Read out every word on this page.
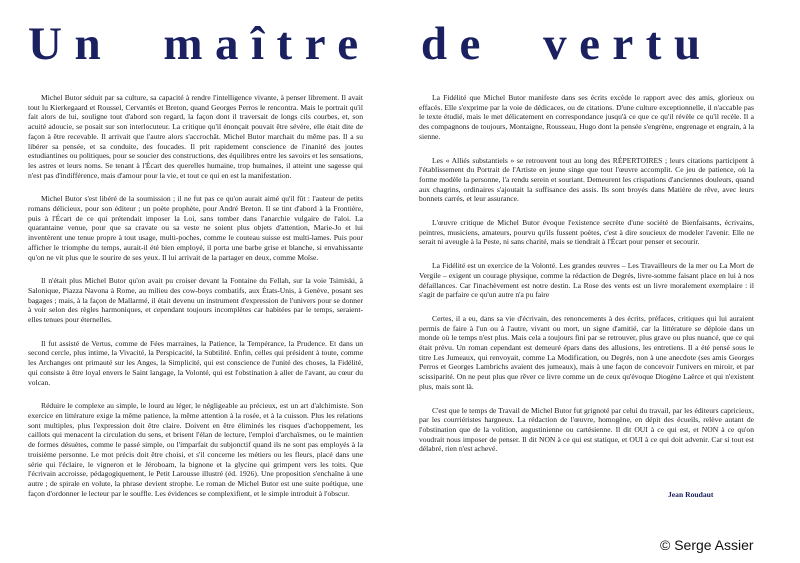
Un maître de vertu

Michel Butor séduit par sa culture, sa capacité à rendre l'intelligence vivante, à penser librement. Il avait tout lu Kierkegaard et Roussel, Cervantès et Breton, quand Georges Perros le rencontra. Mais le portrait qu'il fait alors de lui, souligne tout d'abord son regard, la façon dont il traversait de longs cils courbes, et, son acuité adoucie, se posait sur son interlocuteur. La critique qu'il énonçait pouvait être sévère, elle était dite de façon à être recevable. Il arrivait que l'autre alors s'accrochât. Michel Butor marchait du même pas. Il a su libérer sa pensée, et sa conduite, des foucades. Il prit rapidement conscience de l'inanité des joutes estudiantines ou politiques, pour se soucier des constructions, des équilibres entre les savoirs et les sensations, les astres et leurs noms. Se tenant à l'Écart des querelles humaine, trop humaines, il atteint une sagesse qui n'est pas d'indifférence, mais d'amour pour la vie, et tout ce qui en est la manifestation.

Michel Butor s'est libéré de la soumission ; il ne fut pas ce qu'on aurait aimé qu'il fût : l'auteur de petits romans délicieux, pour son éditeur ; un poète prophète, pour André Breton. Il se tint d'abord à la Frontière, puis à l'Écart de ce qui prétendait imposer la Loi, sans tomber dans l'anarchie vulgaire de l'aloi. La quarantaine venue, pour que sa cravate ou sa veste ne soient plus objets d'attention, Marie-Jo et lui inventèrent une tenue propre à tout usage, multi-poches, comme le couteau suisse est multi-lames. Puis pour afficher le triomphe du temps, aurait-il été bien employé, il porta une barbe grise et blanche, si envahissante qu'on ne vit plus que le sourire de ses yeux. Il lui arrivait de la partager en deux, comme Moïse.

Il n'était plus Michel Butor qu'on avait pu croiser devant la Fontaine du Fellah, sur la voie Tsimiski, à Salonique, Piazza Navona à Rome, au milieu des cow-boys combatifs, aux États-Unis, à Genève, posant ses bagages ; mais, à la façon de Mallarmé, il était devenu un instrument d'expression de l'univers pour se donner à voir selon des règles harmoniques, et cependant toujours incomplètes car habitées par le temps, seraient-elles tenues pour éternelles.

Il fut assisté de Vertus, comme de Fées marraines, la Patience, la Tempérance, la Prudence. Et dans un second cercle, plus intime, la Vivacité, la Perspicacité, la Subtilité. Enfin, celles qui président à toute, comme les Archanges ont primauté sur les Anges, la Simplicité, qui est conscience de l'unité des choses, la Fidélité, qui consiste à être loyal envers le Saint langage, la Volonté, qui est l'obstination à aller de l'avant, au cœur du volcan.

Réduire le complexe au simple, le lourd au léger, le négligeable au précieux, est un art d'alchimiste. Son exercice en littérature exige la même patience, la même attention à la rosée, et à la cuisson. Plus les relations sont multiples, plus l'expression doit être claire. Doivent en être éliminés les risques d'achoppement, les caillots qui menacent la circulation du sens, et brisent l'élan de lecture, l'emploi d'archaïsmes, ou le maintien de formes désuètes, comme le passé simple, ou l'imparfait du subjonctif quand ils ne sont pas employés à la troisième personne. Le mot précis doit être choisi, et s'il concerne les métiers ou les fleurs, placé dans une série qui l'éclaire, le vigneron et le Jéroboam, la bignone et la glycine qui grimpent vers les toits. Que l'écrivain accroisse, pédagogiquement, le Petit Larousse illustré (éd. 1926). Une proposition s'enchaîne à une autre ; de spirale en volute, la phrase devient strophe. Le roman de Michel Butor est une suite poétique, une façon d'ordonner le lecteur par le souffle. Les évidences se complexifient, et le simple introduit à l'obscur.

La Fidélité que Michel Butor manifeste dans ses écrits excède le rapport avec des amis, glorieux ou effacés. Elle s'exprime par la voie de dédicaces, ou de citations. D'une culture exceptionnelle, il n'accable pas le texte étudié, mais le met délicatement en correspondance jusqu'à ce que ce qu'il révèle ce qu'il recèle. Il a des compagnons de toujours, Montaigne, Rousseau, Hugo dont la pensée s'engrène, engrenage et engrain, à la sienne.

Les « Alliés substantiels » se retrouvent tout au long des RÉPERTOIRES ; leurs citations participent à l'établissement du Portrait de l'Artiste en jeune singe que tout l'œuvre accomplit. Ce jeu de patience, où la forme modèle la personne, l'a rendu serein et souriant. Demeurent les crispations d'anciennes douleurs, quand aux chagrins, ordinaires s'ajoutait la suffisance des assis. Ils sont broyés dans Matière de rêve, avec leurs bonnets carrés, et leur assurance.

L'œuvre critique de Michel Butor évoque l'existence secrète d'une société de Bienfaisants, écrivains, peintres, musiciens, amateurs, pourvu qu'ils fussent poètes, c'est à dire soucieux de modeler l'avenir. Elle ne serait ni aveugle à la Peste, ni sans charité, mais se tiendrait à l'Écart pour penser et secourir.

La Fidélité est un exercice de la Volonté. Les grandes œuvres – Les Travailleurs de la mer ou La Mort de Vergile – exigent un courage physique, comme la rédaction de Degrés, livre-somme faisant place en lui à nos défaillances. Car l'inachèvement est notre destin. La Rose des vents est un livre moralement exemplaire : il s'agit de parfaire ce qu'un autre n'a pu faire

Certes, il a eu, dans sa vie d'écrivain, des renoncements à des écrits, préfaces, critiques qui lui auraient permis de faire à l'un ou à l'autre, vivant ou mort, un signe d'amitié, car la littérature se déploie dans un monde où le temps n'est plus. Mais cela a toujours fini par se retrouver, plus grave ou plus nuancé, que ce qui était prévu. Un roman cependant est demeuré épars dans des allusions, les entretiens. Il a été pensé sous le titre Les Jumeaux, qui renvoyait, comme La Modification, ou Degrés, non à une anecdote (ses amis Georges Perros et Georges Lambrichs avaient des jumeaux), mais à une façon de concevoir l'univers en miroir, et par scissiparité. On ne peut plus que rêver ce livre comme un de ceux qu'évoque Diogène Laërce et qui n'existent plus, mais sont là.

C'est que le temps de Travail de Michel Butor fut grignoté par celui du travail, par les éditeurs capricieux, par les courriéristes hargneux. La rédaction de l'œuvre, homogène, en dépit des écueils, relève autant de l'obstination que de la volition, augustinienne ou cartésienne. Il dit OUI à ce qui est, et NON à ce qu'on voudrait nous imposer de penser. Il dit NON à ce qui est statique, et OUI à ce qui doit advenir. Car si tout est délabré, rien n'est achevé.

Jean Roudaut

© Serge Assier
